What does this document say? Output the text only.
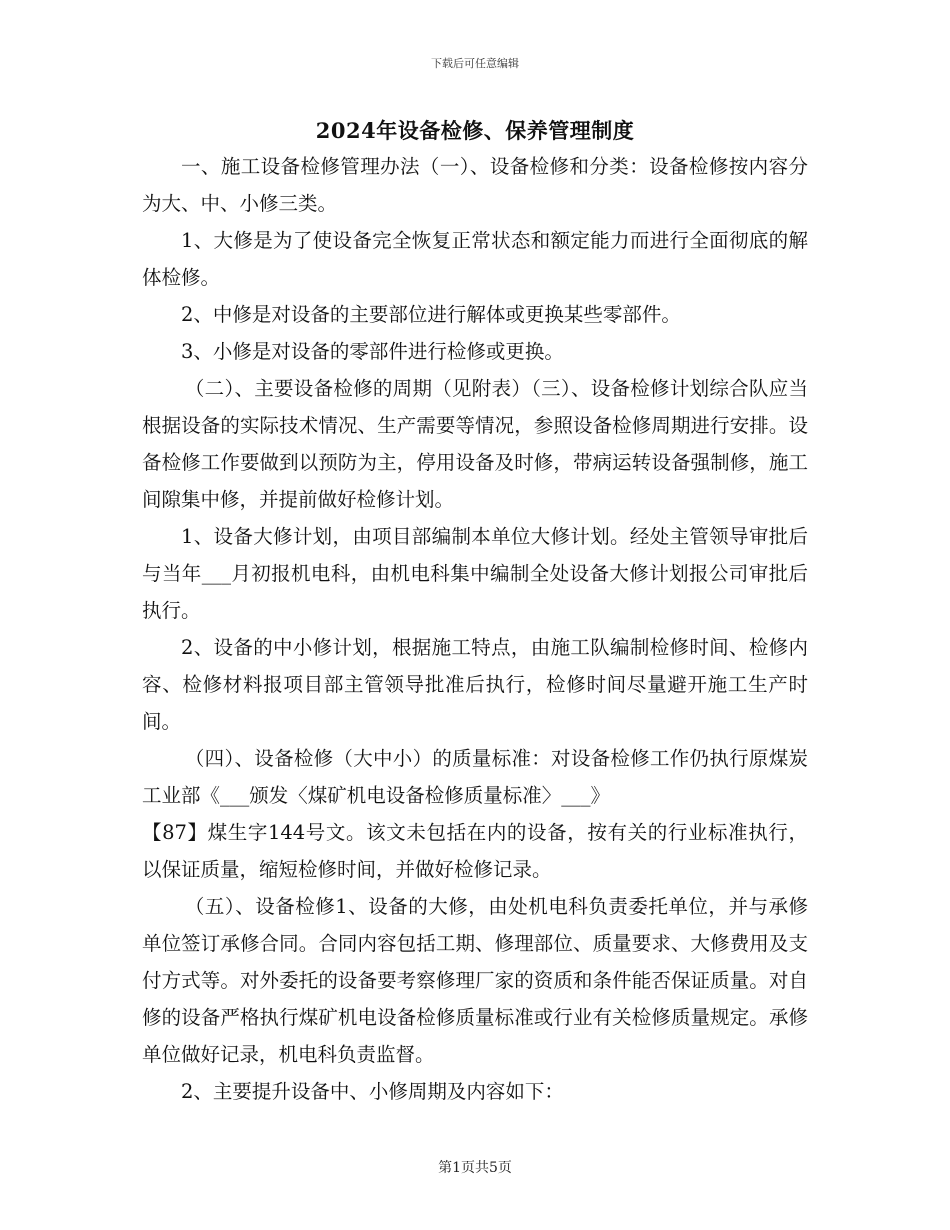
下载后可任意编辑
2024年设备检修、保养管理制度

一、施工设备检修管理办法（一）、设备检修和分类：设备检修按内容分为大、中、小修三类。

1、大修是为了使设备完全恢复正常状态和额定能力而进行全面彻底的解体检修。

2、中修是对设备的主要部位进行解体或更换某些零部件。

3、小修是对设备的零部件进行检修或更换。

（二）、主要设备检修的周期（见附表）（三）、设备检修计划综合队应当根据设备的实际技术情况、生产需要等情况，参照设备检修周期进行安排。设备检修工作要做到以预防为主，停用设备及时修，带病运转设备强制修，施工间隙集中修，并提前做好检修计划。

1、设备大修计划，由项目部编制本单位大修计划。经处主管领导审批后与当年___月初报机电科，由机电科集中编制全处设备大修计划报公司审批后执行。

2、设备的中小修计划，根据施工特点，由施工队编制检修时间、检修内容、检修材料报项目部主管领导批准后执行，检修时间尽量避开施工生产时间。

（四）、设备检修（大中小）的质量标准：对设备检修工作仍执行原煤炭工业部《___颁发〈煤矿机电设备检修质量标准〉___》

【87】煤生字144号文。该文未包括在内的设备，按有关的行业标准执行，以保证质量，缩短检修时间，并做好检修记录。

（五）、设备检修1、设备的大修，由处机电科负责委托单位，并与承修单位签订承修合同。合同内容包括工期、修理部位、质量要求、大修费用及支付方式等。对外委托的设备要考察修理厂家的资质和条件能否保证质量。对自修的设备严格执行煤矿机电设备检修质量标准或行业有关检修质量规定。承修单位做好记录，机电科负责监督。

2、主要提升设备中、小修周期及内容如下：

第1页共5页
